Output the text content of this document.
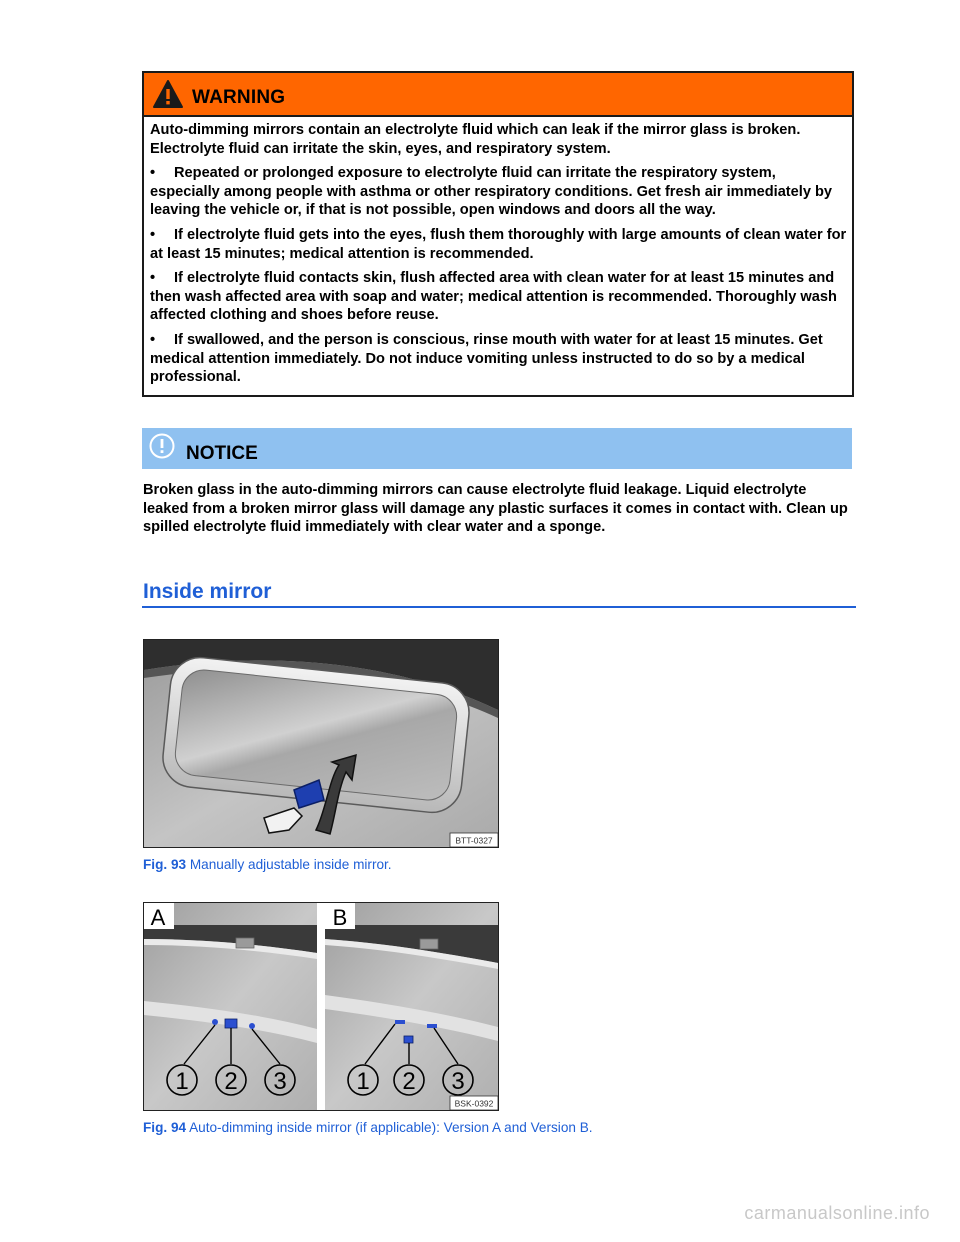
WARNING

Auto-dimming mirrors contain an electrolyte fluid which can leak if the mirror glass is broken. Electrolyte fluid can irritate the skin, eyes, and respiratory system.

• Repeated or prolonged exposure to electrolyte fluid can irritate the respiratory system, especially among people with asthma or other respiratory conditions. Get fresh air immediately by leaving the vehicle or, if that is not possible, open windows and doors all the way.

• If electrolyte fluid gets into the eyes, flush them thoroughly with large amounts of clean water for at least 15 minutes; medical attention is recommended.

• If electrolyte fluid contacts skin, flush affected area with clean water for at least 15 minutes and then wash affected area with soap and water; medical attention is recommended. Thoroughly wash affected clothing and shoes before reuse.

• If swallowed, and the person is conscious, rinse mouth with water for at least 15 minutes. Get medical attention immediately. Do not induce vomiting unless instructed to do so by a medical professional.

NOTICE
Broken glass in the auto-dimming mirrors can cause electrolyte fluid leakage. Liquid electrolyte leaked from a broken mirror glass will damage any plastic surfaces it comes in contact with. Clean up spilled electrolyte fluid immediately with clear water and a sponge.
Inside mirror
BTT-0327
Fig. 93 Manually adjustable inside mirror.
1 2 3
A
1 2 3
B
BSK-0392
Fig. 94 Auto-dimming inside mirror (if applicable): Version A and Version B.
carmanualsonline.info
